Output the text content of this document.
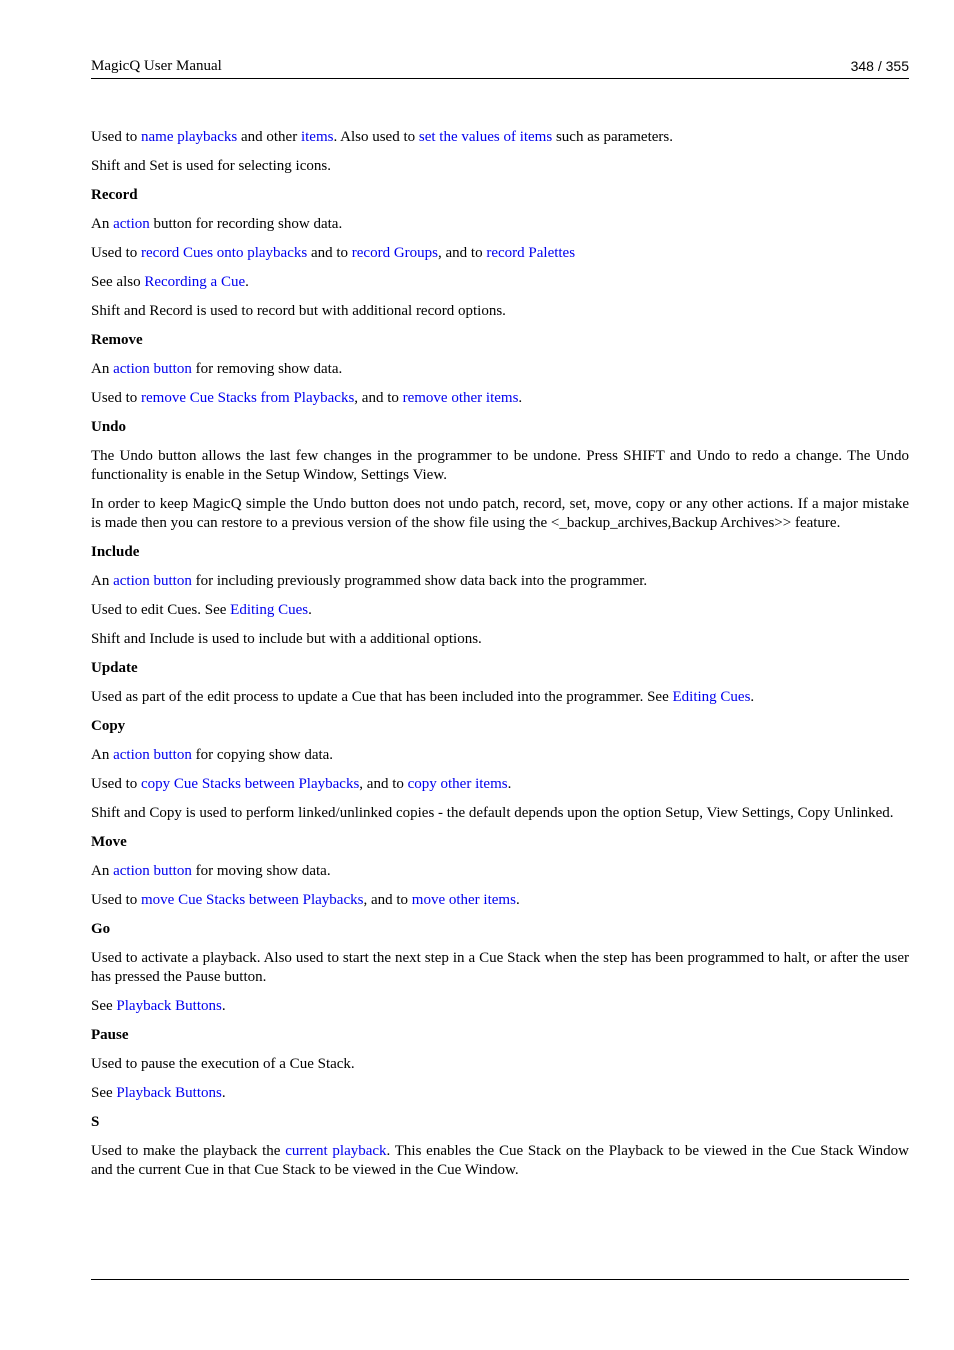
MagicQ User Manual	348 / 355
Used to name playbacks and other items. Also used to set the values of items such as parameters.
Shift and Set is used for selecting icons.
Record
An action button for recording show data.
Used to record Cues onto playbacks and to record Groups, and to record Palettes
See also Recording a Cue.
Shift and Record is used to record but with additional record options.
Remove
An action button for removing show data.
Used to remove Cue Stacks from Playbacks, and to remove other items.
Undo
The Undo button allows the last few changes in the programmer to be undone. Press SHIFT and Undo to redo a change. The Undo functionality is enable in the Setup Window, Settings View.
In order to keep MagicQ simple the Undo button does not undo patch, record, set, move, copy or any other actions. If a major mistake is made then you can restore to a previous version of the show file using the <_backup_archives,Backup Archives>> feature.
Include
An action button for including previously programmed show data back into the programmer.
Used to edit Cues. See Editing Cues.
Shift and Include is used to include but with a additional options.
Update
Used as part of the edit process to update a Cue that has been included into the programmer. See Editing Cues.
Copy
An action button for copying show data.
Used to copy Cue Stacks between Playbacks, and to copy other items.
Shift and Copy is used to perform linked/unlinked copies - the default depends upon the option Setup, View Settings, Copy Unlinked.
Move
An action button for moving show data.
Used to move Cue Stacks between Playbacks, and to move other items.
Go
Used to activate a playback. Also used to start the next step in a Cue Stack when the step has been programmed to halt, or after the user has pressed the Pause button.
See Playback Buttons.
Pause
Used to pause the execution of a Cue Stack.
See Playback Buttons.
S
Used to make the playback the current playback. This enables the Cue Stack on the Playback to be viewed in the Cue Stack Window and the current Cue in that Cue Stack to be viewed in the Cue Window.
